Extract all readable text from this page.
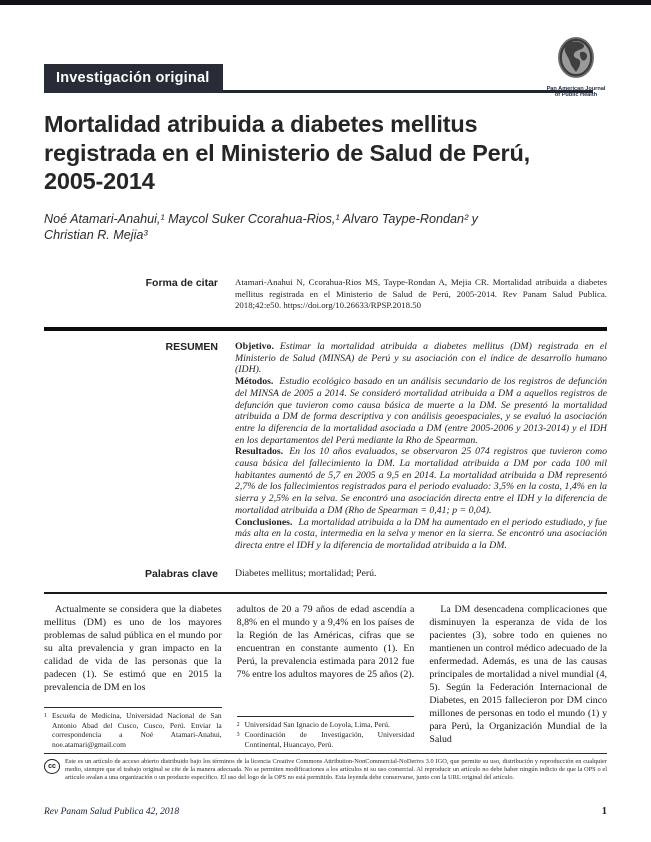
Investigación original
Pan American Journal
of Public Health
Mortalidad atribuida a diabetes mellitus registrada en el Ministerio de Salud de Perú, 2005-2014
Noé Atamari-Anahui,¹ Maycol Suker Ccorahua-Rios,¹ Alvaro Taype-Rondan² y Christian R. Mejia³
Forma de citar Atamari-Anahui N, Ccorahua-Rios MS, Taype-Rondan A, Mejia CR. Mortalidad atribuida a diabetes mellitus registrada en el Ministerio de Salud de Perú, 2005-2014. Rev Panam Salud Publica. 2018;42:e50. https://doi.org/10.26633/RPSP.2018.50
RESUMEN Objetivo. Estimar la mortalidad atribuida a diabetes mellitus (DM) registrada en el Ministerio de Salud (MINSA) de Perú y su asociación con el índice de desarrollo humano (IDH).

Métodos. Estudio ecológico basado en un análisis secundario de los registros de defunción del MINSA de 2005 a 2014. Se consideró mortalidad atribuida a DM a aquellos registros de defunción que tuvieron como causa básica de muerte a la DM. Se presentó la mortalidad atribuida a DM de forma descriptiva y con análisis geoespaciales, y se evaluó la asociación entre la diferencia de la mortalidad asociada a DM (entre 2005-2006 y 2013-2014) y el IDH en los departamentos del Perú mediante la Rho de Spearman.

Resultados. En los 10 años evaluados, se observaron 25 074 registros que tuvieron como causa básica del fallecimiento la DM. La mortalidad atribuida a DM por cada 100 mil habitantes aumentó de 5,7 en 2005 a 9,5 en 2014. La mortalidad atribuida a DM representó 2,7% de los fallecimientos registrados para el periodo evaluado: 3,5% en la costa, 1,4% en la sierra y 2,5% en la selva. Se encontró una asociación directa entre el IDH y la diferencia de mortalidad atribuida a DM (Rho de Spearman = 0,41; p = 0,04).

Conclusiones. La mortalidad atribuida a la DM ha aumentado en el periodo estudiado, y fue más alta en la costa, intermedia en la selva y menor en la sierra. Se encontró una asociación directa entre el IDH y la diferencia de mortalidad atribuida a la DM.

Palabras clave Diabetes mellitus; mortalidad; Perú.

Actualmente se considera que la diabetes mellitus (DM) es uno de los mayores problemas de salud pública en el mundo por su alta prevalencia y gran impacto en la calidad de vida de las personas que la padecen (1). Se estimó que en 2015 la prevalencia de DM en los

1 Escuela de Medicina, Universidad Nacional de San Antonio Abad del Cusco, Cusco, Perú. Enviar la correspondencia a Noé Atamari-Anahui, noe.atamari@gmail.com

adultos de 20 a 79 años de edad ascendía a 8,8% en el mundo y a 9,4% en los países de la Región de las Américas, cifras que se encuentran en constante aumento (1). En Perú, la prevalencia estimada para 2012 fue 7% entre los adultos mayores de 25 años (2).

2 Universidad San Ignacio de Loyola, Lima, Perú.
3 Coordinación de Investigación, Universidad Continental, Huancayo, Perú.

La DM desencadena complicaciones que disminuyen la esperanza de vida de los pacientes (3), sobre todo en quienes no mantienen un control médico adecuado de la enfermedad. Además, es una de las causas principales de mortalidad a nivel mundial (4, 5). Según la Federación Internacional de Diabetes, en 2015 fallecieron por DM cinco millones de personas en todo el mundo (1) y para Perú, la Organización Mundial de la Salud

cc
Este es un artículo de acceso abierto distribuido bajo los términos de la licencia Creative Commons Attribution-NonCommercial-NoDerivs 3.0 IGO, que permite su uso, distribución y reproducción en cualquier medio, siempre que el trabajo original se cite de la manera adecuada. No se permiten modificaciones a los artículos ni su uso comercial. Al reproducir un artículo no debe haber ningún indicio de que la OPS o el artículo avalan a una organización o un producto específico. El uso del logo de la OPS no está permitido. Esta leyenda debe conservarse, junto con la URL original del artículo.
Rev Panam Salud Publica 42, 2018	1
